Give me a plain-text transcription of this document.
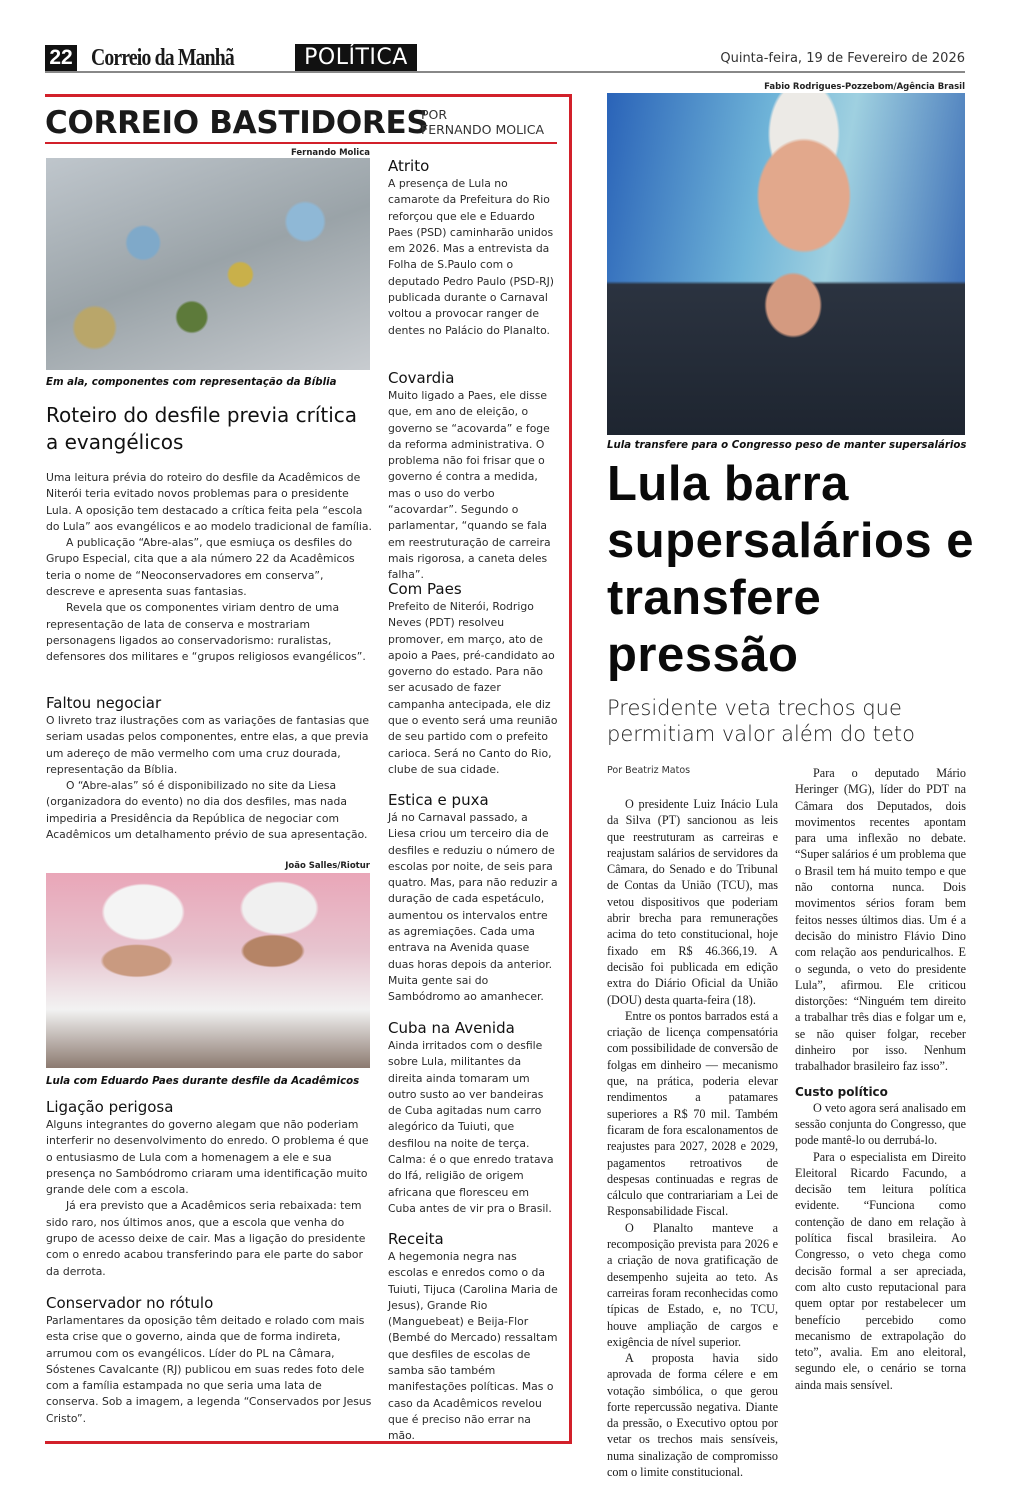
22 Correio da Manhã	POLÍTICA	Quinta-feira, 19 de Fevereiro de 2026
CORREIO BASTIDORES
POR
FERNANDO MOLICA
Fernando Molica
Em ala, componentes com representação da Bíblia
Roteiro do desfile previa crítica a evangélicos

Uma leitura prévia do roteiro do desfile da Acadêmicos de Niterói teria evitado novos problemas para o presidente Lula. A oposição tem destacado a crítica feita pela “escola do Lula” aos evangélicos e ao modelo tradicional de família.

A publicação “Abre-alas”, que esmiuça os desfiles do Grupo Especial, cita que a ala número 22 da Acadêmicos teria o nome de “Neoconservadores em conserva”, descreve e apresenta suas fantasias.

Revela que os componentes viriam dentro de uma representação de lata de conserva e mostrariam personagens ligados ao conservadorismo: ruralistas, defensores dos militares e “grupos religiosos evangélicos”.

Faltou negociar

O livreto traz ilustrações com as variações de fantasias que seriam usadas pelos componentes, entre elas, a que previa um adereço de mão vermelho com uma cruz dourada, representação da Bíblia.

O “Abre-alas” só é disponibilizado no site da Liesa (organizadora do evento) no dia dos desfiles, mas nada impediria a Presidência da República de negociar com Acadêmicos um detalhamento prévio de sua apresentação.

João Salles/Riotur
Lula com Eduardo Paes durante desfile da Acadêmicos
Ligação perigosa

Alguns integrantes do governo alegam que não poderiam interferir no desenvolvimento do enredo. O problema é que o entusiasmo de Lula com a homenagem a ele e sua presença no Sambódromo criaram uma identificação muito grande dele com a escola.

Já era previsto que a Acadêmicos seria rebaixada: tem sido raro, nos últimos anos, que a escola que venha do grupo de acesso deixe de cair. Mas a ligação do presidente com o enredo acabou transferindo para ele parte do sabor da derrota.

Conservador no rótulo

Parlamentares da oposição têm deitado e rolado com mais esta crise que o governo, ainda que de forma indireta, arrumou com os evangélicos. Líder do PL na Câmara, Sóstenes Cavalcante (RJ) publicou em suas redes foto dele com a família estampada no que seria uma lata de conserva. Sob a imagem, a legenda “Conservados por Jesus Cristo”.

Atrito
A presença de Lula no camarote da Prefeitura do Rio reforçou que ele e Eduardo Paes (PSD) caminharão unidos em 2026. Mas a entrevista da Folha de S.Paulo com o deputado Pedro Paulo (PSD-RJ) publicada durante o Carnaval voltou a provocar ranger de dentes no Palácio do Planalto.
Covardia
Muito ligado a Paes, ele disse que, em ano de eleição, o governo se “acovarda” e foge da reforma administrativa. O problema não foi frisar que o governo é contra a medida, mas o uso do verbo “acovardar”. Segundo o parlamentar, “quando se fala em reestruturação de carreira mais rigorosa, a caneta deles falha”.
Com Paes
Prefeito de Niterói, Rodrigo Neves (PDT) resolveu promover, em março, ato de apoio a Paes, pré-candidato ao governo do estado. Para não ser acusado de fazer campanha antecipada, ele diz que o evento será uma reunião de seu partido com o prefeito carioca. Será no Canto do Rio, clube de sua cidade.
Estica e puxa
Já no Carnaval passado, a Liesa criou um terceiro dia de desfiles e reduziu o número de escolas por noite, de seis para quatro. Mas, para não reduzir a duração de cada espetáculo, aumentou os intervalos entre as agremiações. Cada uma entrava na Avenida quase duas horas depois da anterior. Muita gente sai do Sambódromo ao amanhecer.
Cuba na Avenida
Ainda irritados com o desfile sobre Lula, militantes da direita ainda tomaram um outro susto ao ver bandeiras de Cuba agitadas num carro alegórico da Tuiuti, que desfilou na noite de terça. Calma: é o que enredo tratava do Ifá, religião de origem africana que floresceu em Cuba antes de vir pra o Brasil.
Receita
A hegemonia negra nas escolas e enredos como o da Tuiuti, Tijuca (Carolina Maria de Jesus), Grande Rio (Manguebeat) e Beija-Flor (Bembé do Mercado) ressaltam que desfiles de escolas de samba são também manifestações políticas. Mas o caso da Acadêmicos revelou que é preciso não errar na mão.
Fabio Rodrigues-Pozzebom/Agência Brasil
Lula transfere para o Congresso peso de manter supersalários
Lula barra supersalários e transfere pressão
Presidente veta trechos que permitiam valor além do teto
Por Beatriz Matos

O presidente Luiz Inácio Lula da Silva (PT) sancionou as leis que reestruturam as carreiras e reajustam salários de servidores da Câmara, do Senado e do Tribunal de Contas da União (TCU), mas vetou dispositivos que poderiam abrir brecha para remunerações acima do teto constitucional, hoje fixado em R$ 46.366,19. A decisão foi publicada em edição extra do Diário Oficial da União (DOU) desta quarta-feira (18).

Entre os pontos barrados está a criação de licença compensatória com possibilidade de conversão de folgas em dinheiro — mecanismo que, na prática, poderia elevar rendimentos a patamares superiores a R$ 70 mil. Também ficaram de fora escalonamentos de reajustes para 2027, 2028 e 2029, pagamentos retroativos de despesas continuadas e regras de cálculo que contrariariam a Lei de Responsabilidade Fiscal.

O Planalto manteve a recomposição prevista para 2026 e a criação de nova gratificação de desempenho sujeita ao teto. As carreiras foram reconhecidas como típicas de Estado, e, no TCU, houve ampliação de cargos e exigência de nível superior.

A proposta havia sido aprovada de forma célere e em votação simbólica, o que gerou forte repercussão negativa. Diante da pressão, o Executivo optou por vetar os trechos mais sensíveis, numa sinalização de compromisso com o limite constitucional.

Para o deputado Mário Heringer (MG), líder do PDT na Câmara dos Deputados, dois movimentos recentes apontam para uma inflexão no debate. “Super salários é um problema que o Brasil tem há muito tempo e que não contorna nunca. Dois movimentos sérios foram bem feitos nesses últimos dias. Um é a decisão do ministro Flávio Dino com relação aos penduricalhos. E o segunda, o veto do presidente Lula”, afirmou. Ele criticou distorções: “Ninguém tem direito a trabalhar três dias e folgar um e, se não quiser folgar, receber dinheiro por isso. Nenhum trabalhador brasileiro faz isso”.

Custo político

O veto agora será analisado em sessão conjunta do Congresso, que pode mantê-lo ou derrubá-lo.

Para o especialista em Direito Eleitoral Ricardo Facundo, a decisão tem leitura política evidente. “Funciona como contenção de dano em relação à política fiscal brasileira. Ao Congresso, o veto chega como decisão formal a ser apreciada, com alto custo reputacional para quem optar por restabelecer um benefício percebido como mecanismo de extrapolação do teto”, avalia. Em ano eleitoral, segundo ele, o cenário se torna ainda mais sensível.
